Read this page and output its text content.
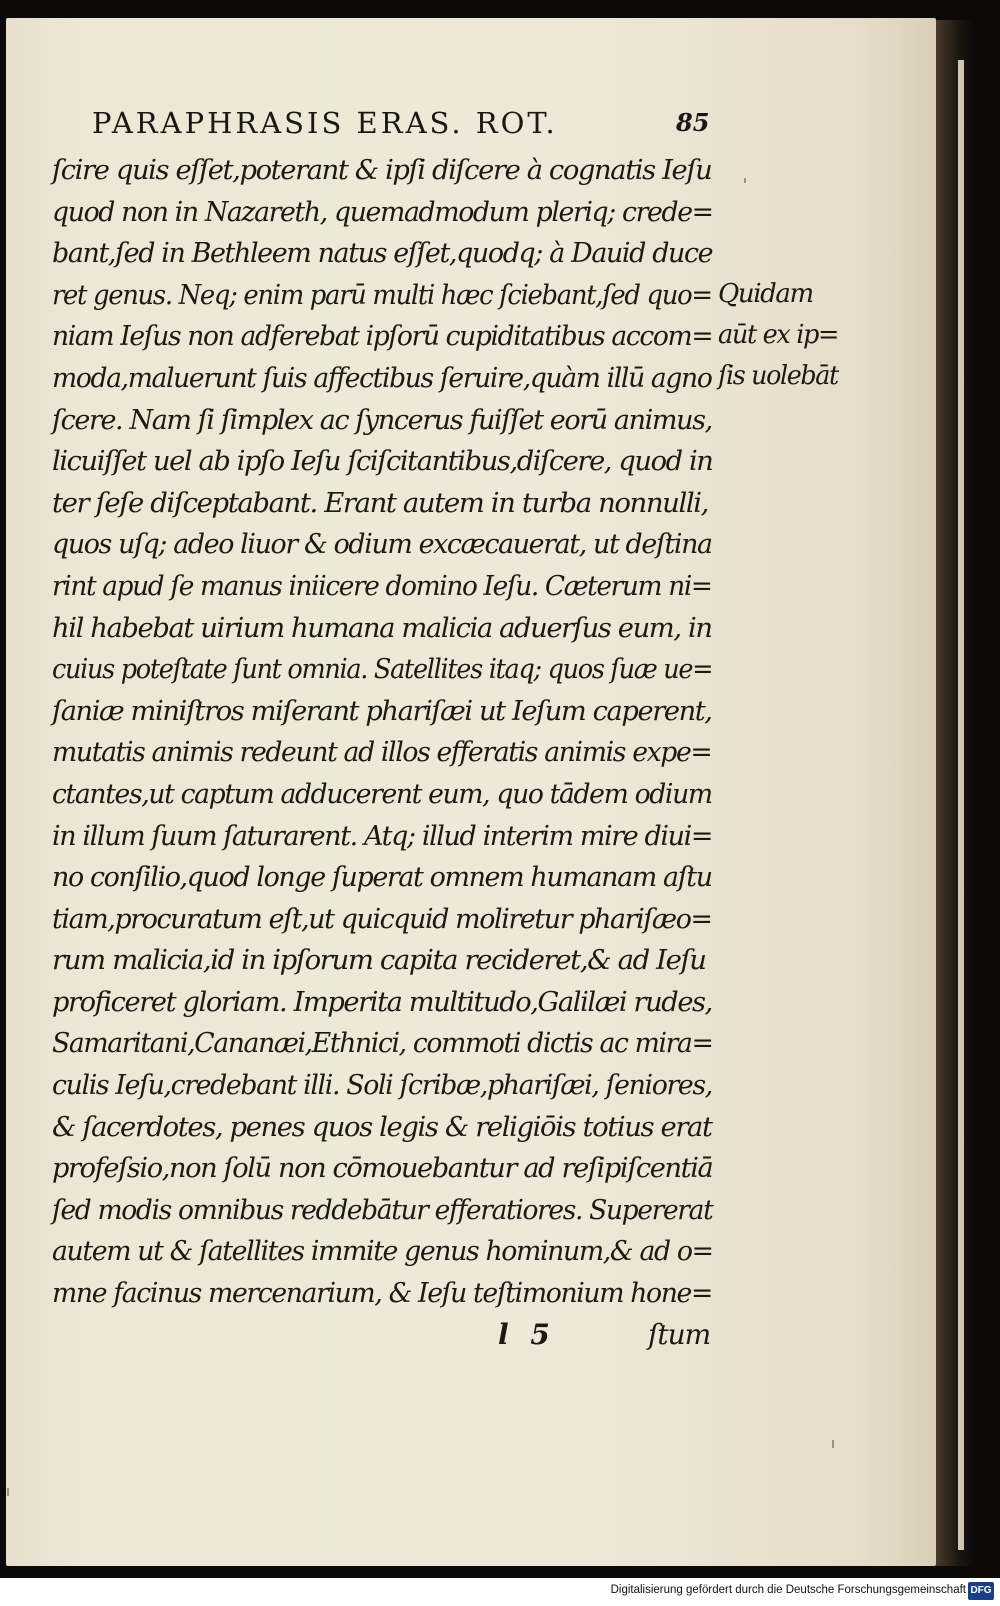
PARAPHRASIS ERAS. ROT.	85
ſcire quis eſſet,poterant & ipſi diſcere à cognatis Ieſu
quod non in Nazareth, quemadmodum pleriq; crede=
bant,ſed in Bethleem natus eſſet,quodq; à Dauid duce
ret genus. Neq; enim parū multi hæc ſciebant,ſed quo=
niam Ieſus non adferebat ipſorū cupiditatibus accom=
moda,maluerunt ſuis affectibus ſeruire,quàm illū agno
ſcere. Nam ſi ſimplex ac ſyncerus fuiſſet eorū animus,
licuiſſet uel ab ipſo Ieſu ſciſcitantibus,diſcere, quod in
ter ſeſe diſceptabant. Erant autem in turba nonnulli,
quos uſq; adeo liuor & odium excæcauerat, ut deſtina
rint apud ſe manus iniicere domino Ieſu. Cæterum ni=
hil habebat uirium humana malicia aduerſus eum, in
cuius poteſtate ſunt omnia. Satellites itaq; quos ſuæ ue=
ſaniæ miniſtros miſerant phariſæi ut Ieſum caperent,
mutatis animis redeunt ad illos efferatis animis expe=
ctantes,ut captum adducerent eum, quo tādem odium
in illum ſuum ſaturarent. Atq; illud interim mire diui=
no conſilio,quod longe ſuperat omnem humanam aſtu
tiam,procuratum eſt,ut quicquid moliretur phariſæo=
rum malicia,id in ipſorum capita recideret,& ad Ieſu
proficeret gloriam. Imperita multitudo,Galilæi rudes,
Samaritani,Cananæi,Ethnici, commoti dictis ac mira=
culis Ieſu,credebant illi. Soli ſcribæ,phariſæi, ſeniores,
& ſacerdotes, penes quos legis & religiōis totius erat
profeſsio,non ſolū non cōmouebantur ad reſipiſcentiā
ſed modis omnibus reddebātur efferatiores. Supererat
autem ut & ſatellites immite genus hominum,& ad o=
mne facinus mercenarium, & Ieſu teſtimonium hone=
Quidam
aūt ex ip=
ſis uolebāt
l 5	ſtum
Digitalisierung gefördert durch die Deutsche Forschungsgemeinschaft DFG
